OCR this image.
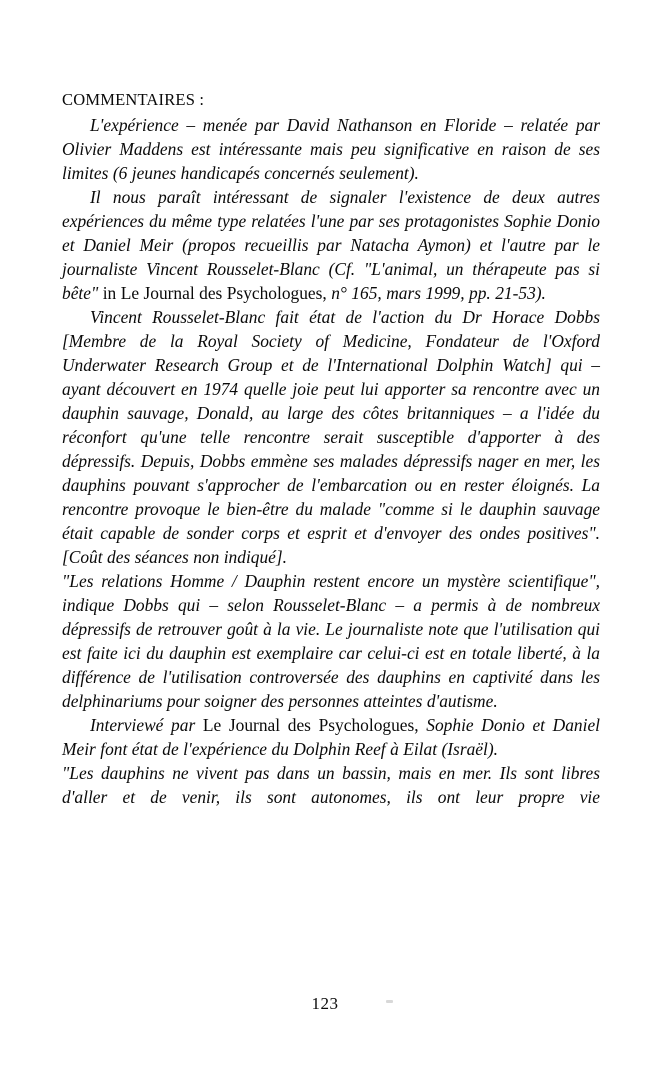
COMMENTAIRES :

L'expérience – menée par David Nathanson en Floride – relatée par Olivier Maddens est intéressante mais peu significative en raison de ses limites (6 jeunes handicapés concernés seulement).

Il nous paraît intéressant de signaler l'existence de deux autres expériences du même type relatées l'une par ses protagonistes Sophie Donio et Daniel Meir (propos recueillis par Natacha Aymon) et l'autre par le journaliste Vincent Rousselet-Blanc (Cf. "L'animal, un thérapeute pas si bête" in Le Journal des Psychologues, n° 165, mars 1999, pp. 21-53).

Vincent Rousselet-Blanc fait état de l'action du Dr Horace Dobbs [Membre de la Royal Society of Medicine, Fondateur de l'Oxford Underwater Research Group et de l'International Dolphin Watch] qui – ayant découvert en 1974 quelle joie peut lui apporter sa rencontre avec un dauphin sauvage, Donald, au large des côtes britanniques – a l'idée du réconfort qu'une telle rencontre serait susceptible d'apporter à des dépressifs. Depuis, Dobbs emmène ses malades dépressifs nager en mer, les dauphins pouvant s'approcher de l'embarcation ou en rester éloignés. La rencontre provoque le bien-être du malade "comme si le dauphin sauvage était capable de sonder corps et esprit et d'envoyer des ondes positives". [Coût des séances non indiqué].

"Les relations Homme / Dauphin restent encore un mystère scientifique", indique Dobbs qui – selon Rousselet-Blanc – a permis à de nombreux dépressifs de retrouver goût à la vie. Le journaliste note que l'utilisation qui est faite ici du dauphin est exemplaire car celui-ci est en totale liberté, à la différence de l'utilisation controversée des dauphins en captivité dans les delphinariums pour soigner des personnes atteintes d'autisme.

Interviewé par Le Journal des Psychologues, Sophie Donio et Daniel Meir font état de l'expérience du Dolphin Reef à Eilat (Israël).

"Les dauphins ne vivent pas dans un bassin, mais en mer. Ils sont libres d'aller et de venir, ils sont autonomes, ils ont leur propre vie

123
